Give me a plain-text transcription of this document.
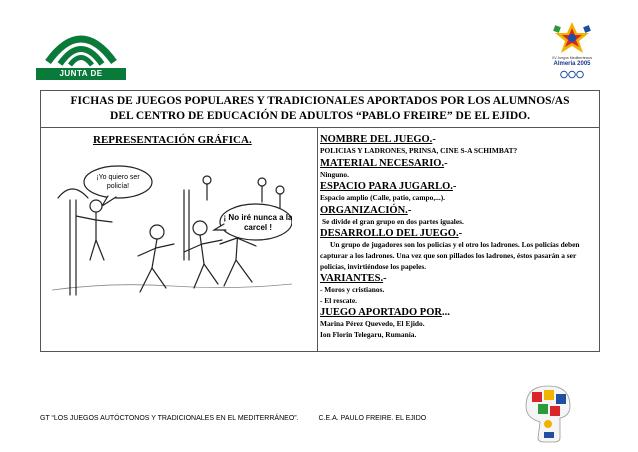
JUNTA DE ANDALUCIA
XV Juegos Mediterráneos
Almería 2005
FICHAS DE JUEGOS POPULARES Y TRADICIONALES APORTADOS POR LOS ALUMNOS/AS
DEL CENTRO DE EDUCACIÓN DE ADULTOS “PABLO FREIRE” DE EL EJIDO.
REPRESENTACIÓN GRÁFICA.
¡Yo quiero ser
policía!
¡ No iré nunca a la
carcel !
NOMBRE DEL JUEGO.-
POLICIAS Y LADRONES, PRINSA, CINE S-A SCHIMBAT?
MATERIAL NECESARIO.-
Ninguno.
ESPACIO PARA JUGARLO.-
Espacio amplio (Calle, patio, campo,...).
ORGANIZACIÓN.-
Se divide el gran grupo en dos partes iguales.
DESARROLLO DEL JUEGO.-
Un grupo de jugadores son los policías y el otro los ladrones. Los policías deben capturar a los ladrones. Una vez que son pillados los ladrones, éstos pasarán a ser policías, invirtiéndose los papeles.
VARIANTES.-
- Moros y cristianos.
- El rescate.
JUEGO APORTADO POR...
Marina Pérez Quevedo, El Ejido.
Ion Florin Telegaru, Rumanía.
GT “LOS JUEGOS AUTÓCTONOS Y TRADICIONALES EN EL MEDITERRÁNEO”.	C.E.A. PAULO FREIRE. EL EJIDO
